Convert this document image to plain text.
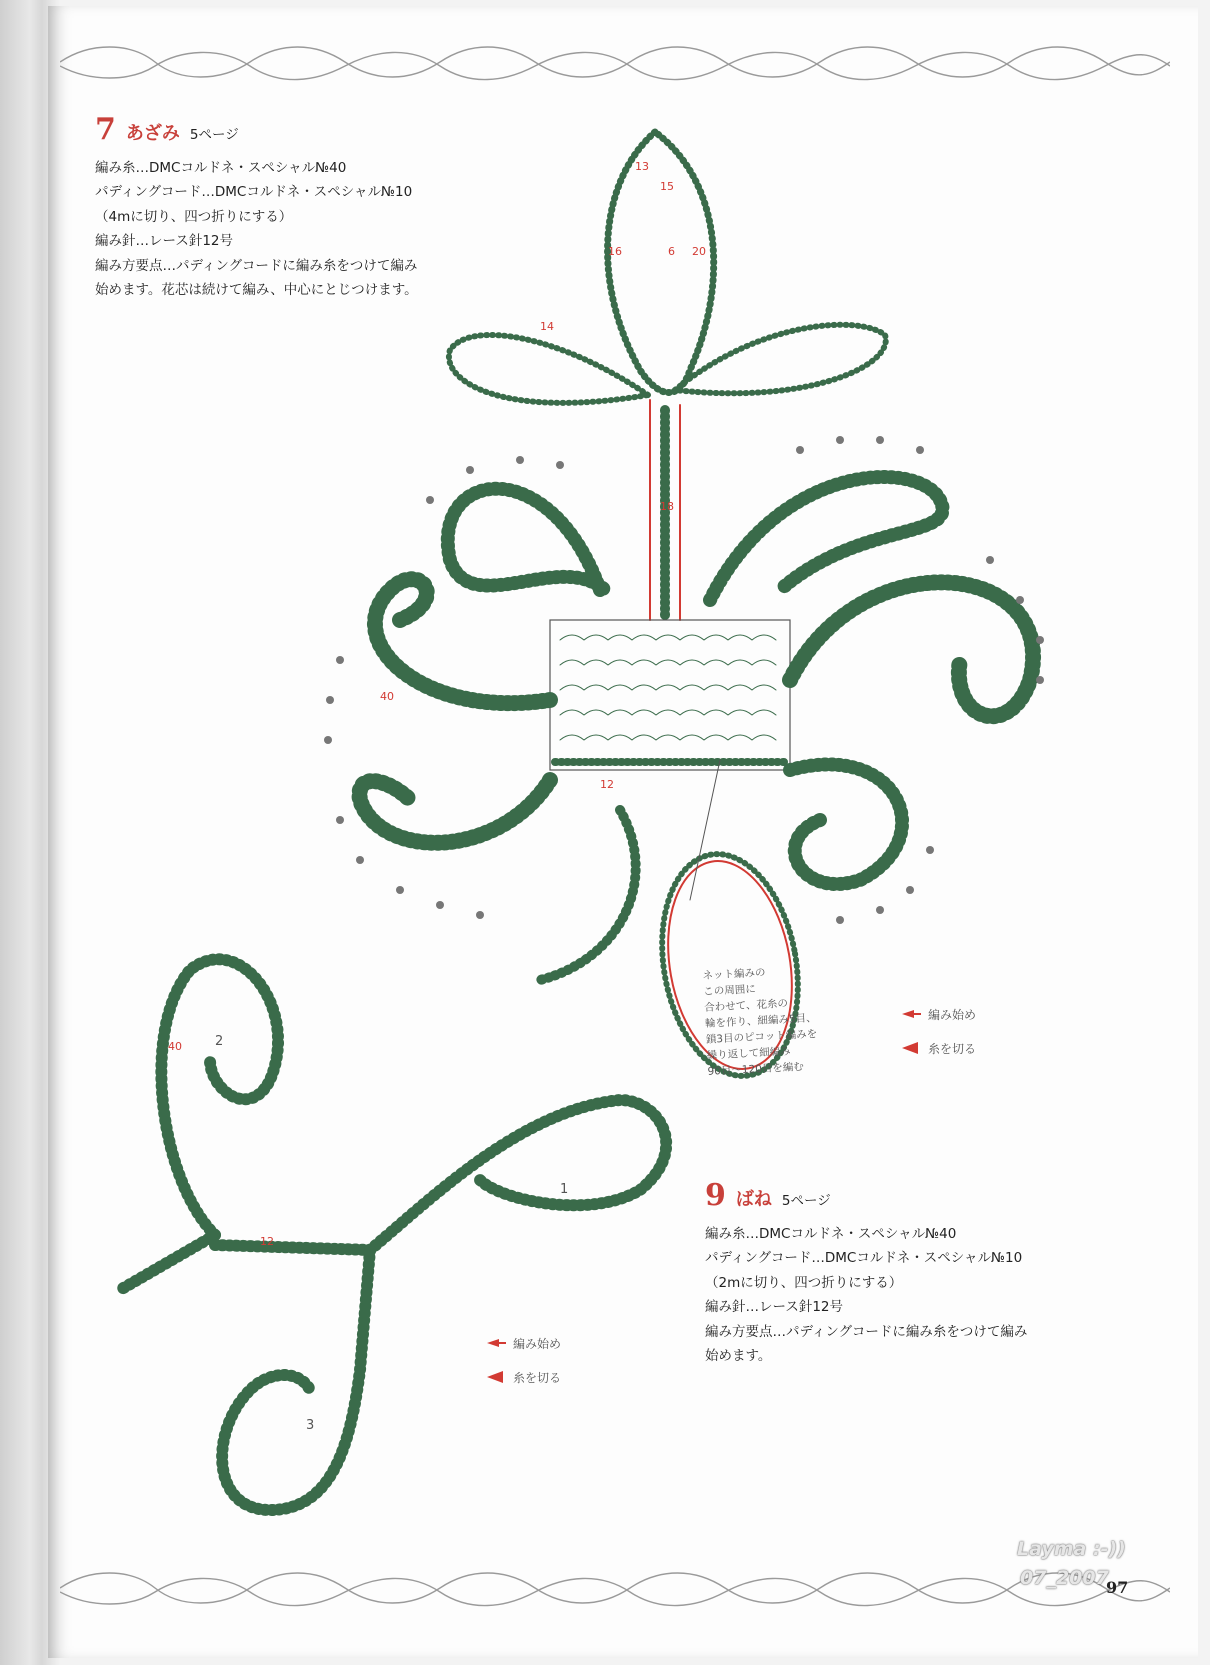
7 あざみ 5ページ
編み糸…DMCコルドネ・スペシャル№40
パディングコード…DMCコルドネ・スペシャル№10
（4mに切り、四つ折りにする）
編み針…レース針12号
編み方要点…パディングコードに編み糸をつけて編み
始めます。花芯は続けて編み、中心にとじつけます。
13
15
16	6 20
14
12
18
40
ネット編みの
この周囲に
合わせて、花糸の
輪を作り、細編み5目、
鎖3目のピコット編みを
繰り返して細編み
90目〜120目を編む
編み始め
糸を切る
40
12
2
1
3
編み始め
糸を切る
9 ばね 5ページ
編み糸…DMCコルドネ・スペシャル№40
パディングコード…DMCコルドネ・スペシャル№10
（2mに切り、四つ折りにする）
編み針…レース針12号
編み方要点…パディングコードに編み糸をつけて編み
始めます。
Layma :-))
07_2007
97
